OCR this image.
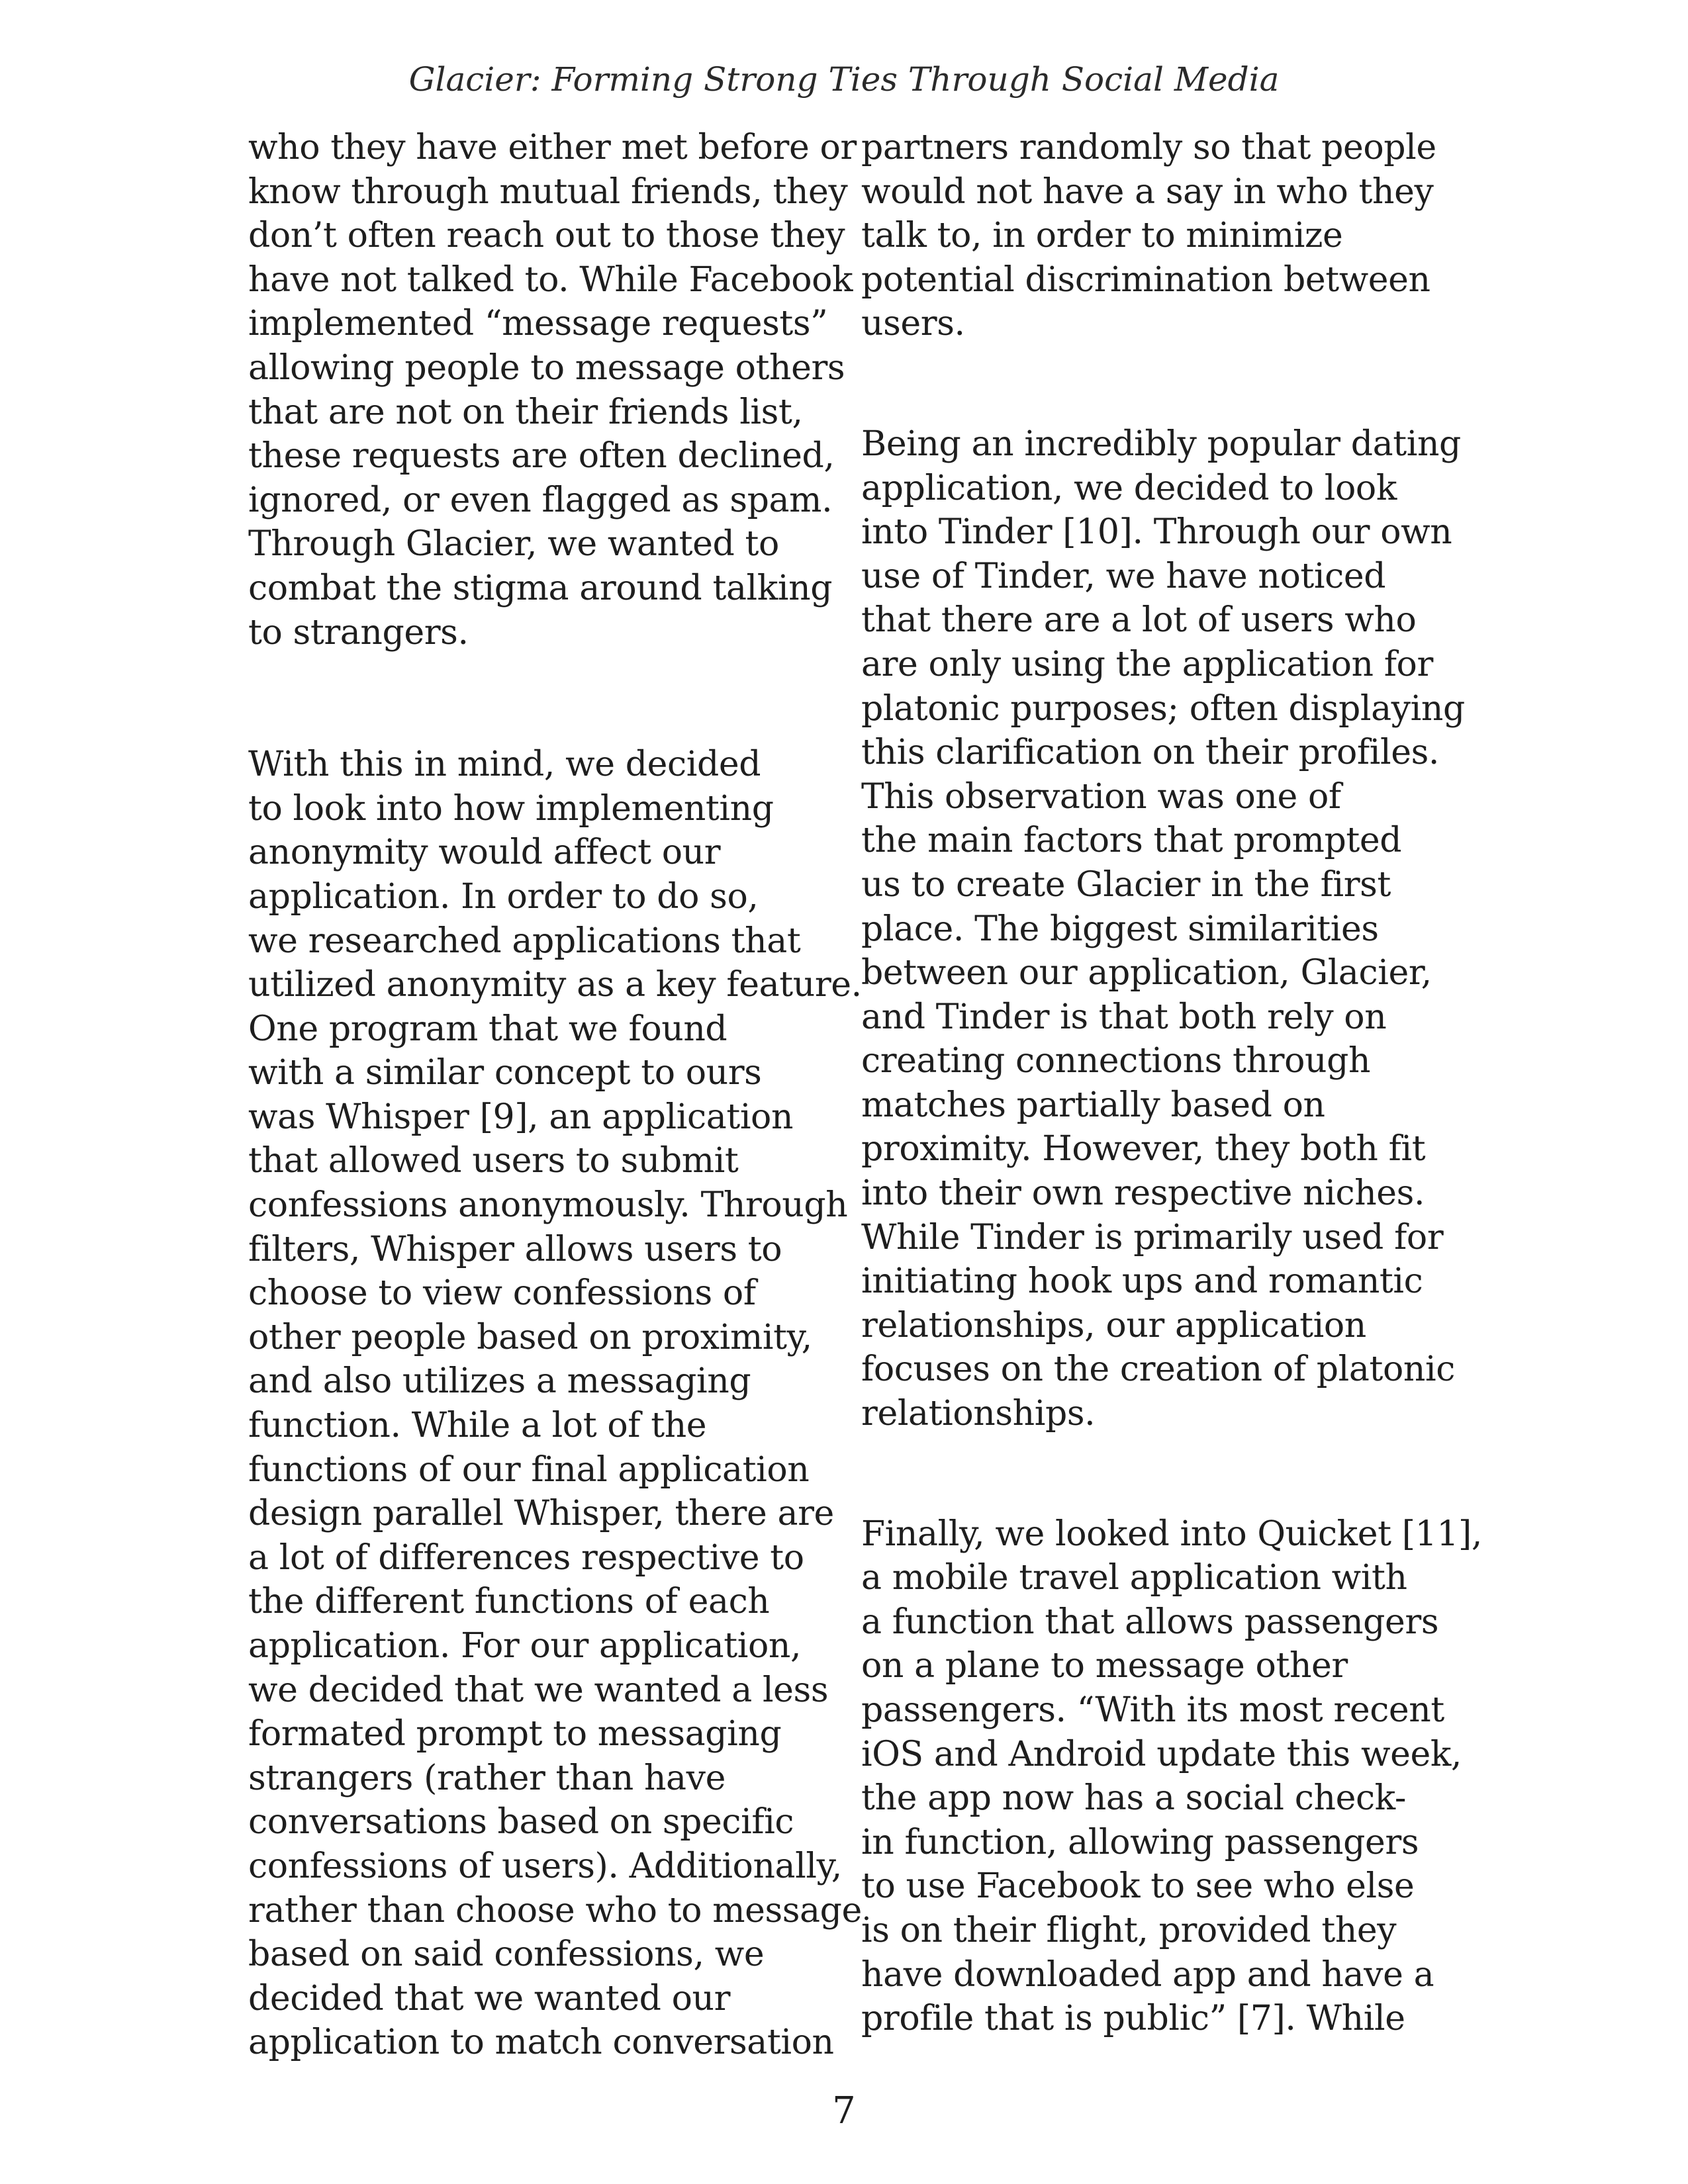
Glacier: Forming Strong Ties Through Social Media
who they have either met before or
know through mutual friends, they
don’t often reach out to those they
have not talked to. While Facebook
implemented “message requests”
allowing people to message others
that are not on their friends list,
these requests are often declined,
ignored, or even flagged as spam.
Through Glacier, we wanted to
combat the stigma around talking
to strangers.
With this in mind, we decided
to look into how implementing
anonymity would affect our
application. In order to do so,
we researched applications that
utilized anonymity as a key feature.
One program that we found
with a similar concept to ours
was Whisper [9], an application
that allowed users to submit
confessions anonymously. Through
filters, Whisper allows users to
choose to view confessions of
other people based on proximity,
and also utilizes a messaging
function. While a lot of the
functions of our final application
design parallel Whisper, there are
a lot of differences respective to
the different functions of each
application. For our application,
we decided that we wanted a less
formated prompt to messaging
strangers (rather than have
conversations based on specific
confessions of users). Additionally,
rather than choose who to message
based on said confessions, we
decided that we wanted our
application to match conversation
partners randomly so that people
would not have a say in who they
talk to, in order to minimize
potential discrimination between
users.
Being an incredibly popular dating
application, we decided to look
into Tinder [10]. Through our own
use of Tinder, we have noticed
that there are a lot of users who
are only using the application for
platonic purposes; often displaying
this clarification on their profiles.
This observation was one of
the main factors that prompted
us to create Glacier in the first
place. The biggest similarities
between our application, Glacier,
and Tinder is that both rely on
creating connections through
matches partially based on
proximity. However, they both fit
into their own respective niches.
While Tinder is primarily used for
initiating hook ups and romantic
relationships, our application
focuses on the creation of platonic
relationships.
Finally, we looked into Quicket [11],
a mobile travel application with
a function that allows passengers
on a plane to message other
passengers. “With its most recent
iOS and Android update this week,
the app now has a social check-
in function, allowing passengers
to use Facebook to see who else
is on their flight, provided they
have downloaded app and have a
profile that is public” [7]. While
7
